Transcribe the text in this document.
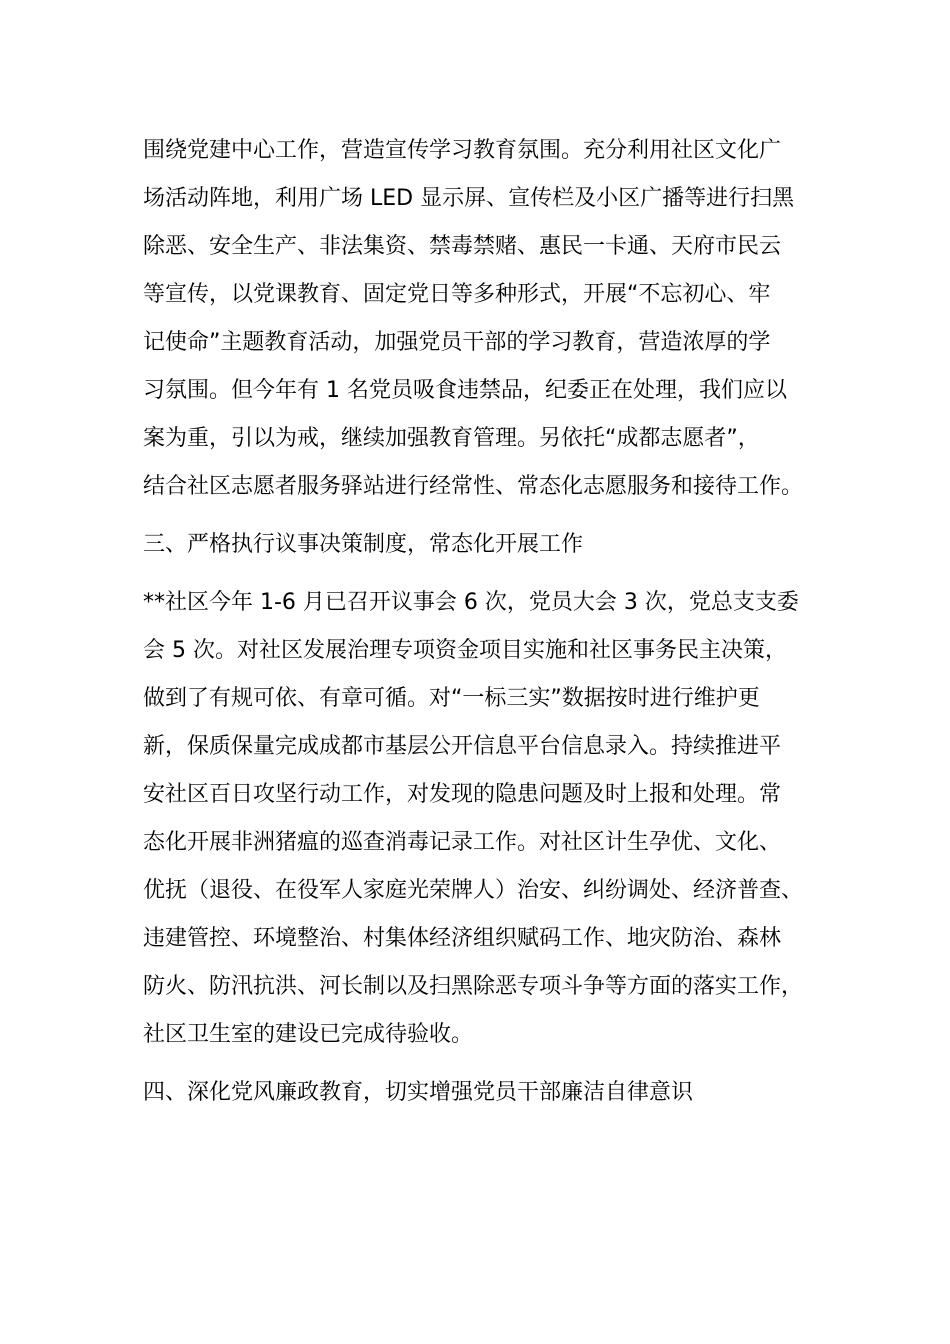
围绕党建中心工作，营造宣传学习教育氛围。充分利用社区文化广
场活动阵地，利用广场 LED 显示屏、宣传栏及小区广播等进行扫黑
除恶、安全生产、非法集资、禁毒禁赌、惠民一卡通、天府市民云
等宣传，以党课教育、固定党日等多种形式，开展“不忘初心、牢
记使命”主题教育活动，加强党员干部的学习教育，营造浓厚的学
习氛围。但今年有 1 名党员吸食违禁品，纪委正在处理，我们应以
案为重，引以为戒，继续加强教育管理。另依托“成都志愿者”，
结合社区志愿者服务驿站进行经常性、常态化志愿服务和接待工作。
三、严格执行议事决策制度，常态化开展工作
**社区今年 1-6 月已召开议事会 6 次，党员大会 3 次，党总支支委
会 5 次。对社区发展治理专项资金项目实施和社区事务民主决策，
做到了有规可依、有章可循。对“一标三实”数据按时进行维护更
新，保质保量完成成都市基层公开信息平台信息录入。持续推进平
安社区百日攻坚行动工作，对发现的隐患问题及时上报和处理。常
态化开展非洲猪瘟的巡查消毒记录工作。对社区计生孕优、文化、
优抚（退役、在役军人家庭光荣牌人）治安、纠纷调处、经济普查、
违建管控、环境整治、村集体经济组织赋码工作、地灾防治、森林
防火、防汛抗洪、河长制以及扫黑除恶专项斗争等方面的落实工作，
社区卫生室的建设已完成待验收。
四、深化党风廉政教育，切实增强党员干部廉洁自律意识
